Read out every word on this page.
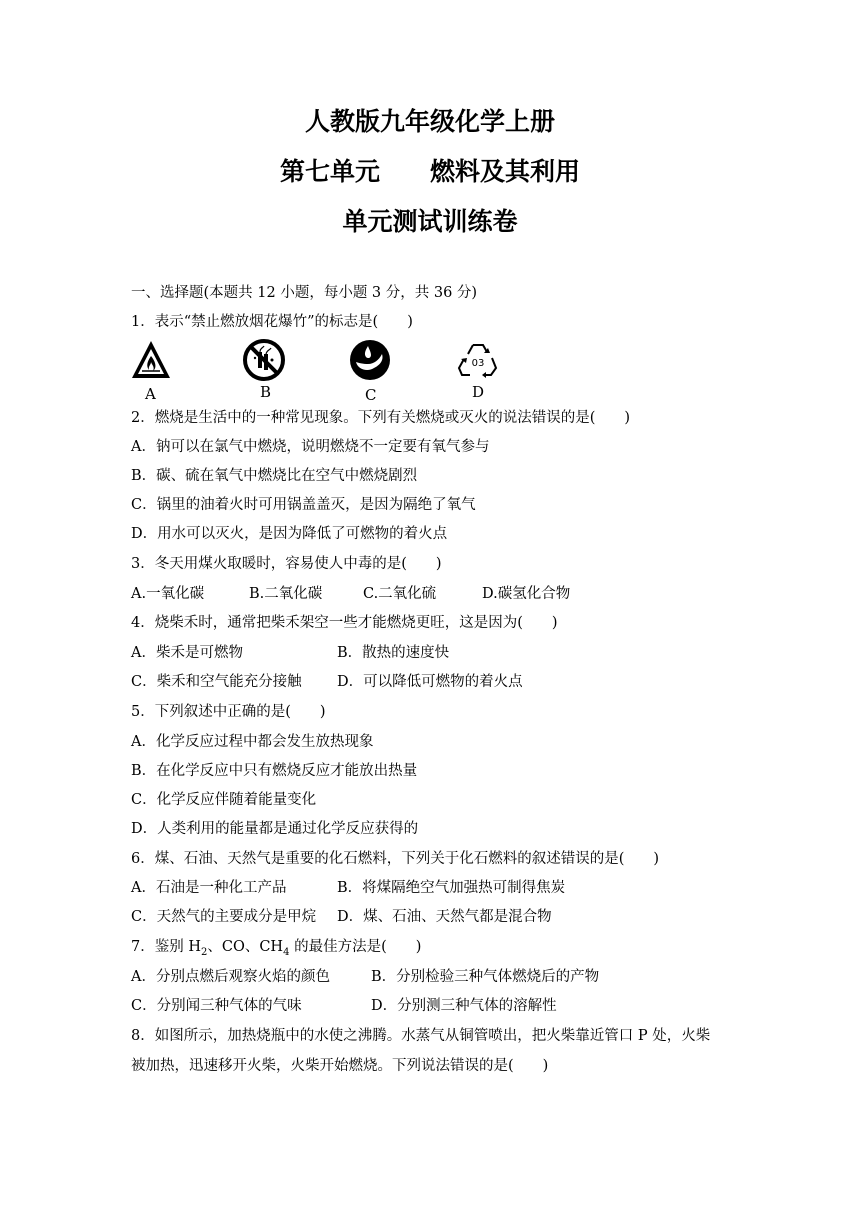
人教版九年级化学上册
第七单元　　燃料及其利用
单元测试训练卷
一、选择题(本题共 12 小题，每小题 3 分，共 36 分)
1．表示“禁止燃放烟花爆竹”的标志是(　　)
A	B	C
03
D
2．燃烧是生活中的一种常见现象。下列有关燃烧或灭火的说法错误的是(　　)
A．钠可以在氯气中燃烧，说明燃烧不一定要有氧气参与
B．碳、硫在氧气中燃烧比在空气中燃烧剧烈
C．锅里的油着火时可用锅盖盖灭，是因为隔绝了氧气
D．用水可以灭火，是因为降低了可燃物的着火点
3．冬天用煤火取暖时，容易使人中毒的是(　　)
A.一氧化碳	B.二氧化碳	C.二氧化硫	D.碳氢化合物
4．烧柴禾时，通常把柴禾架空一些才能燃烧更旺，这是因为(　　)
A．柴禾是可燃物	B．散热的速度快
C．柴禾和空气能充分接触 D．可以降低可燃物的着火点
5．下列叙述中正确的是(　　)
A．化学反应过程中都会发生放热现象
B．在化学反应中只有燃烧反应才能放出热量
C．化学反应伴随着能量变化
D．人类利用的能量都是通过化学反应获得的
6．煤、石油、天然气是重要的化石燃料，下列关于化石燃料的叙述错误的是(　　)
A．石油是一种化工产品	B．将煤隔绝空气加强热可制得焦炭
C．天然气的主要成分是甲烷 D．煤、石油、天然气都是混合物
7．鉴别 $H_2$、CO、$CH_4$ 的最佳方法是(　　)
A．分别点燃后观察火焰的颜色	B．分别检验三种气体燃烧后的产物
C．分别闻三种气体的气味	D．分别测三种气体的溶解性
8．如图所示，加热烧瓶中的水使之沸腾。水蒸气从铜管喷出，把火柴靠近管口 P 处，火柴
被加热，迅速移开火柴，火柴开始燃烧。下列说法错误的是(　　)
